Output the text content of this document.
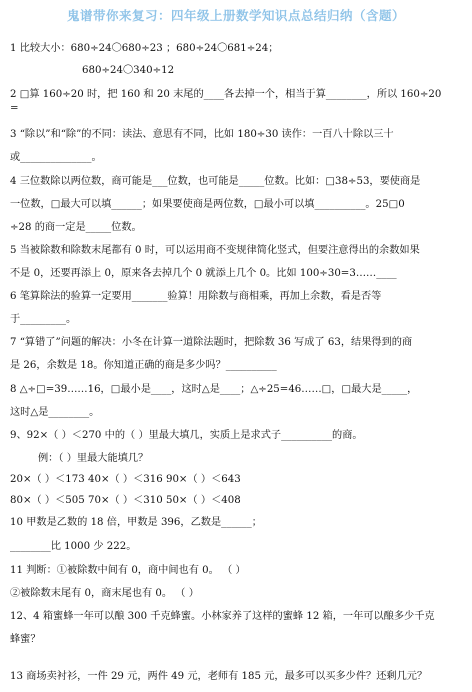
鬼谱带你来复习：四年级上册数学知识点总结归纳（含题）
1 比较大小：680÷24〇680÷23 ；680÷24〇681÷24；
680÷24〇340÷12
2 □算 160÷20 时，把 160 和 20 末尾的____各去掉一个，相当于算________，所以 160÷20
=
3 “除以”和“除”的不同：读法、意思有不同，比如 180÷30 读作：一百八十除以三十
或______________。
4 三位数除以两位数，商可能是___位数，也可能是_____位数。比如：□38÷53，要使商是
一位数，□最大可以填______；如果要使商是两位数，□最小可以填__________。25□0
÷28 的商一定是_____位数。
5 当被除数和除数末尾都有 0 时，可以运用商不变规律简化竖式，但要注意得出的余数如果
不是 0，还要再添上 0，原来各去掉几个 0 就添上几个 0。比如 100÷30=3……____
6 笔算除法的验算一定要用_______验算！用除数与商相乘，再加上余数，看是否等
于_________。
7 “算错了”问题的解决：小冬在计算一道除法题时，把除数 36 写成了 63，结果得到的商
是 26，余数是 18。你知道正确的商是多少吗？__________
8 △÷□=39……16，□最小是____，这时△是____；△÷25=46……□，□最大是_____，
这时△是________。
9、92×（ ）＜270 中的（ ）里最大填几，实质上是求式子__________的商。
例：（ ）里最大能填几？
20×（ ）＜173 40×（ ）＜316 90×（ ）＜643
80×（ ）＜505 70×（ ）＜310 50×（ ）＜408
10 甲数是乙数的 18 倍，甲数是 396，乙数是______；
________比 1000 少 222。
11 判断：①被除数中间有 0，商中间也有 0。 （ ）
②被除数末尾有 0，商末尾也有 0。 （ ）
12、4 箱蜜蜂一年可以酿 300 千克蜂蜜。小林家养了这样的蜜蜂 12 箱，一年可以酿多少千克
蜂蜜？
13 商场卖衬衫，一件 29 元，两件 49 元，老师有 185 元，最多可以买多少件？还剩几元？
